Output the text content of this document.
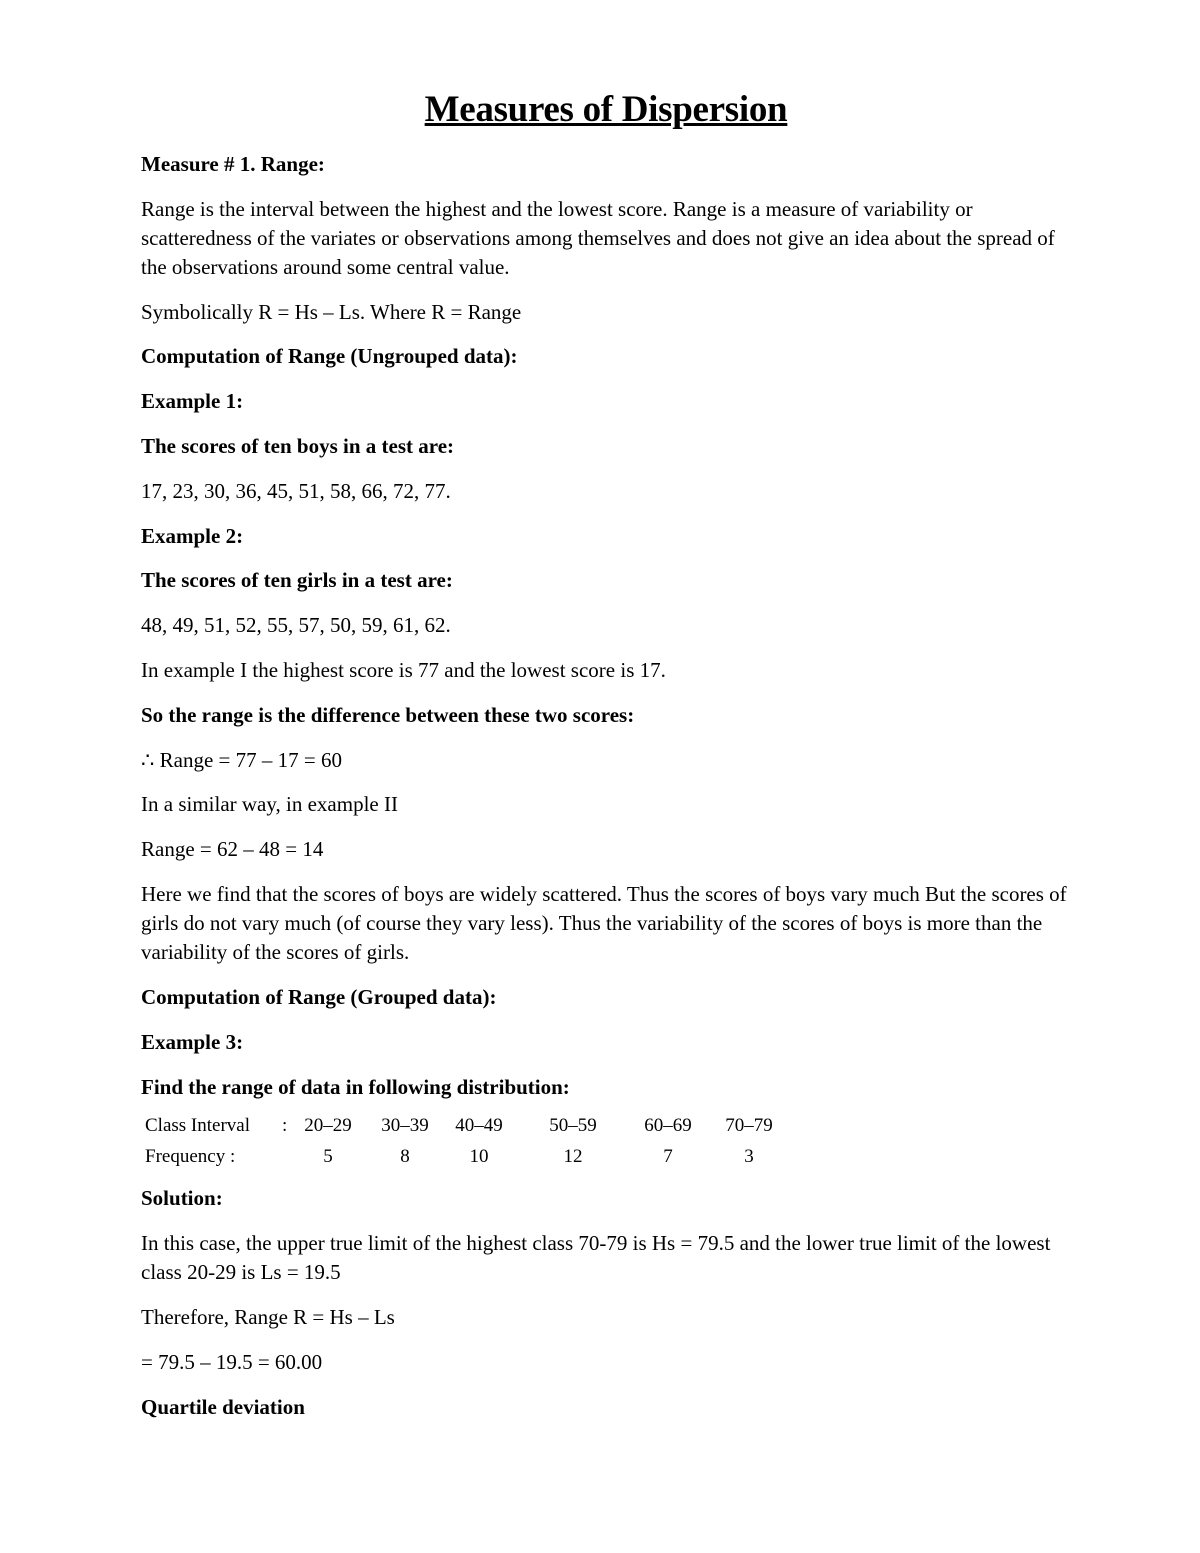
Measures of Dispersion

Measure # 1. Range:

Range is the interval between the highest and the lowest score. Range is a measure of variability or scatteredness of the variates or observations among themselves and does not give an idea about the spread of the observations around some central value.

Symbolically R = Hs – Ls. Where R = Range

Computation of Range (Ungrouped data):

Example 1:

The scores of ten boys in a test are:

17, 23, 30, 36, 45, 51, 58, 66, 72, 77.

Example 2:

The scores of ten girls in a test are:

48, 49, 51, 52, 55, 57, 50, 59, 61, 62.

In example I the highest score is 77 and the lowest score is 17.

So the range is the difference between these two scores:

∴ Range = 77 – 17 = 60

In a similar way, in example II

Range = 62 – 48 = 14

Here we find that the scores of boys are widely scattered. Thus the scores of boys vary much But the scores of girls do not vary much (of course they vary less). Thus the variability of the scores of boys is more than the variability of the scores of girls.

Computation of Range (Grouped data):

Example 3:

Find the range of data in following distribution:

Class Interval	:	20–29	30–39	40–49	50–59	60–69	70–79
Frequency :		5	8	10	12	7	3

Solution:

In this case, the upper true limit of the highest class 70-79 is Hs = 79.5 and the lower true limit of the lowest class 20-29 is Ls = 19.5

Therefore, Range R = Hs – Ls

= 79.5 – 19.5 = 60.00

Quartile deviation
